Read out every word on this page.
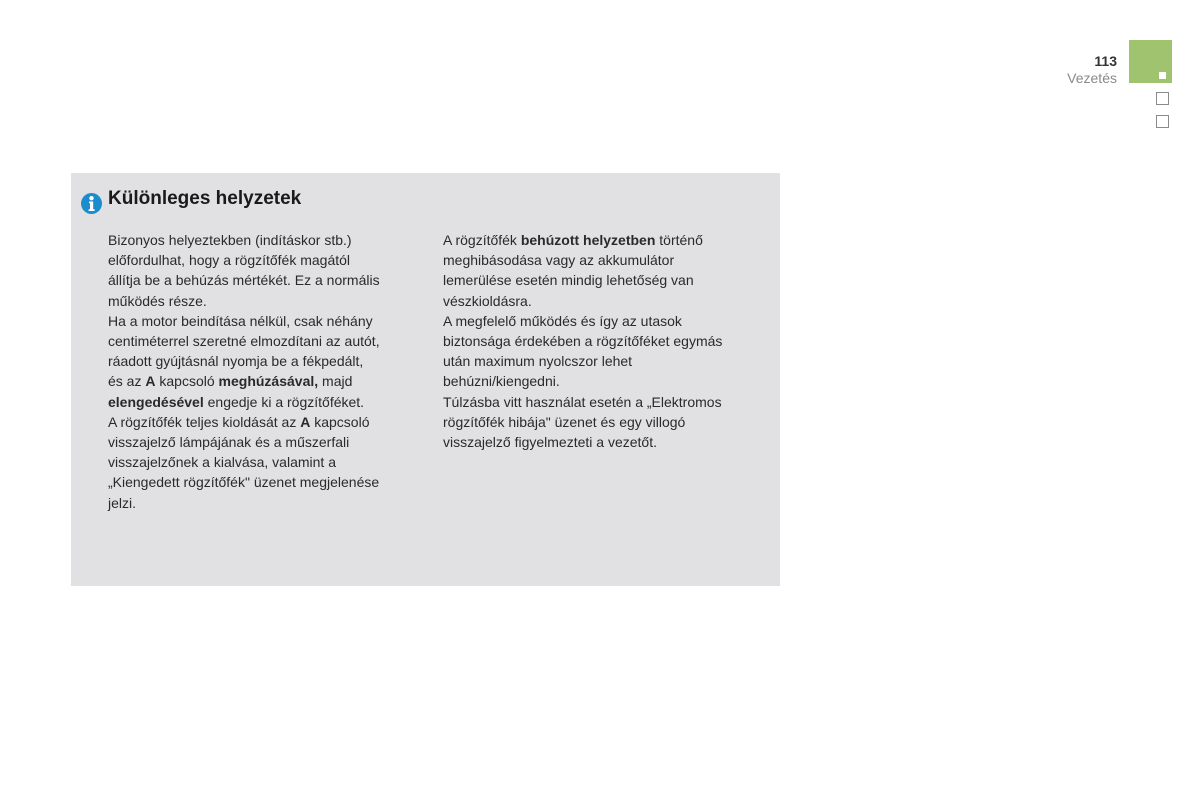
113
Vezetés
Különleges helyzetek
Bizonyos helyeztekben (indításkor stb.)
előfordulhat, hogy a rögzítőfék magától
állítja be a behúzás mértékét. Ez a normális
működés része.
Ha a motor beindítása nélkül, csak néhány
centiméterrel szeretné elmozdítani az autót,
ráadott gyújtásnál nyomja be a fékpedált,
és az A kapcsoló meghúzásával, majd
elengedésével engedje ki a rögzítőféket.
A rögzítőfék teljes kioldását az A kapcsoló
visszajelző lámpájának és a műszerfali
visszajelzőnek a kialvása, valamint a
„Kiengedett rögzítőfék" üzenet megjelenése
jelzi.
A rögzítőfék behúzott helyzetben történő
meghibásodása vagy az akkumulátor
lemerülése esetén mindig lehetőség van
vészkioldásra.
A megfelelő működés és így az utasok
biztonsága érdekében a rögzítőféket egymás
után maximum nyolcszor lehet
behúzni/kiengedni.
Túlzásba vitt használat esetén a „Elektromos
rögzítőfék hibája" üzenet és egy villogó
visszajelző figyelmezteti a vezetőt.
